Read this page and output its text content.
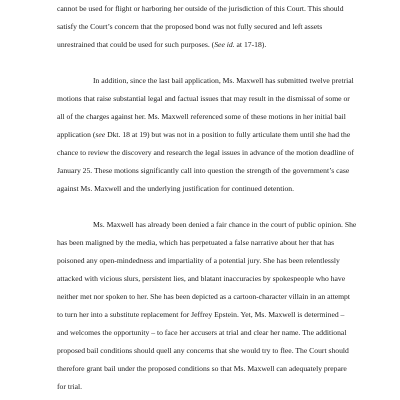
cannot be used for flight or harboring her outside of the jurisdiction of this Court. This should
satisfy the Court’s concern that the proposed bond was not fully secured and left assets
unrestrained that could be used for such purposes. (See id. at 17-18).
In addition, since the last bail application, Ms. Maxwell has submitted twelve pretrial
motions that raise substantial legal and factual issues that may result in the dismissal of some or
all of the charges against her. Ms. Maxwell referenced some of these motions in her initial bail
application (see Dkt. 18 at 19) but was not in a position to fully articulate them until she had the
chance to review the discovery and research the legal issues in advance of the motion deadline of
January 25. These motions significantly call into question the strength of the government’s case
against Ms. Maxwell and the underlying justification for continued detention.
Ms. Maxwell has already been denied a fair chance in the court of public opinion. She
has been maligned by the media, which has perpetuated a false narrative about her that has
poisoned any open-mindedness and impartiality of a potential jury. She has been relentlessly
attacked with vicious slurs, persistent lies, and blatant inaccuracies by spokespeople who have
neither met nor spoken to her. She has been depicted as a cartoon-character villain in an attempt
to turn her into a substitute replacement for Jeffrey Epstein. Yet, Ms. Maxwell is determined –
and welcomes the opportunity – to face her accusers at trial and clear her name. The additional
proposed bail conditions should quell any concerns that she would try to flee. The Court should
therefore grant bail under the proposed conditions so that Ms. Maxwell can adequately prepare
for trial.
